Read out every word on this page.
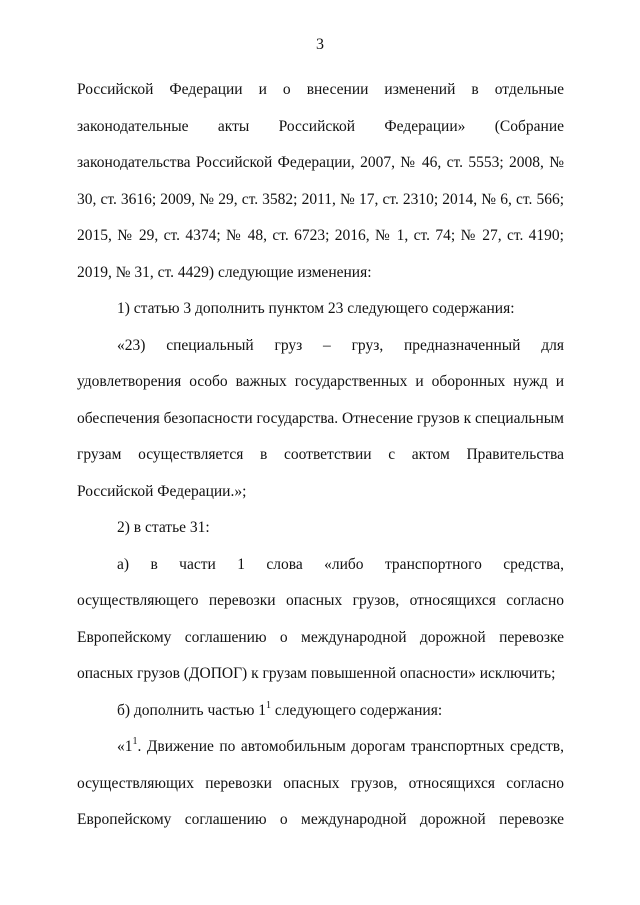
3

Российской Федерации и о внесении изменений в отдельные законодательные акты Российской Федерации» (Собрание законодательства Российской Федерации, 2007, № 46, ст. 5553; 2008, № 30, ст. 3616; 2009, № 29, ст. 3582; 2011, № 17, ст. 2310; 2014, № 6, ст. 566; 2015, № 29, ст. 4374; № 48, ст. 6723; 2016, № 1, ст. 74; № 27, ст. 4190; 2019, № 31, ст. 4429) следующие изменения:

1) статью 3 дополнить пунктом 23 следующего содержания:

«23) специальный груз – груз, предназначенный для удовлетворения особо важных государственных и оборонных нужд и обеспечения безопасности государства. Отнесение грузов к специальным грузам осуществляется в соответствии с актом Правительства Российской Федерации.»;

2) в статье 31:

а) в части 1 слова «либо транспортного средства, осуществляющего перевозки опасных грузов, относящихся согласно Европейскому соглашению о международной дорожной перевозке опасных грузов (ДОПОГ) к грузам повышенной опасности» исключить;

б) дополнить частью $1^1$ следующего содержания:

«$1^1$. Движение по автомобильным дорогам транспортных средств, осуществляющих перевозки опасных грузов, относящихся согласно Европейскому соглашению о международной дорожной перевозке
